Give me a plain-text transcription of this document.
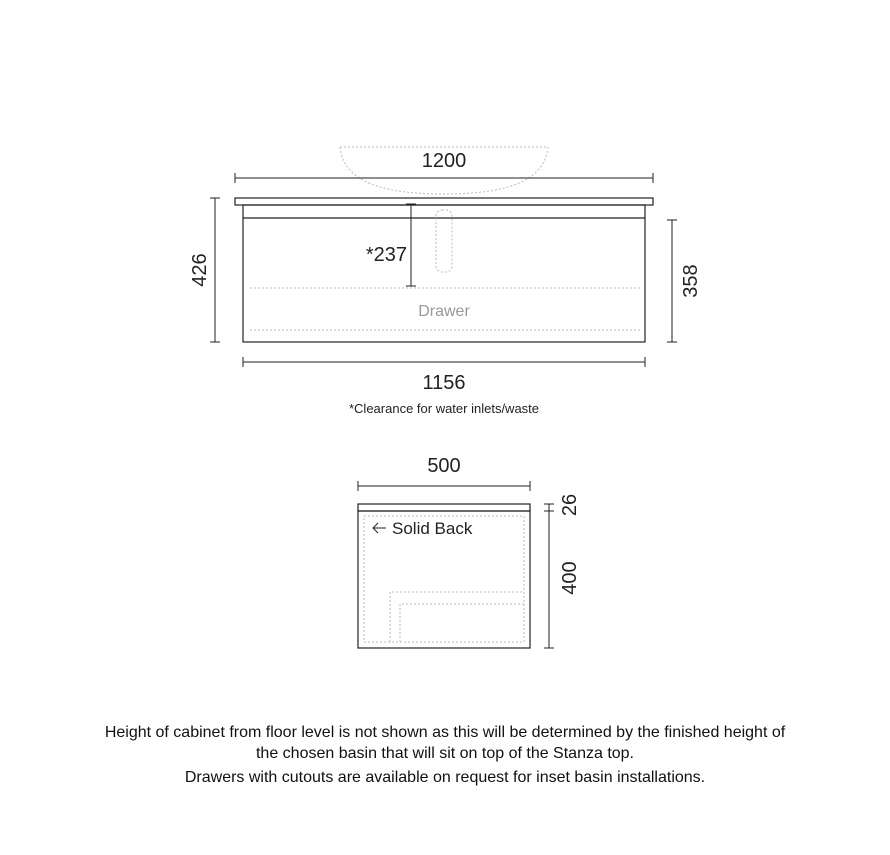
1200
*237
Drawer
426	358
1156
*Clearance for water inlets/waste
500
Solid Back
26
400

Height of cabinet from floor level is not shown as this will be determined by the finished height of
the chosen basin that will sit on top of the Stanza top.

Drawers with cutouts are available on request for inset basin installations.
